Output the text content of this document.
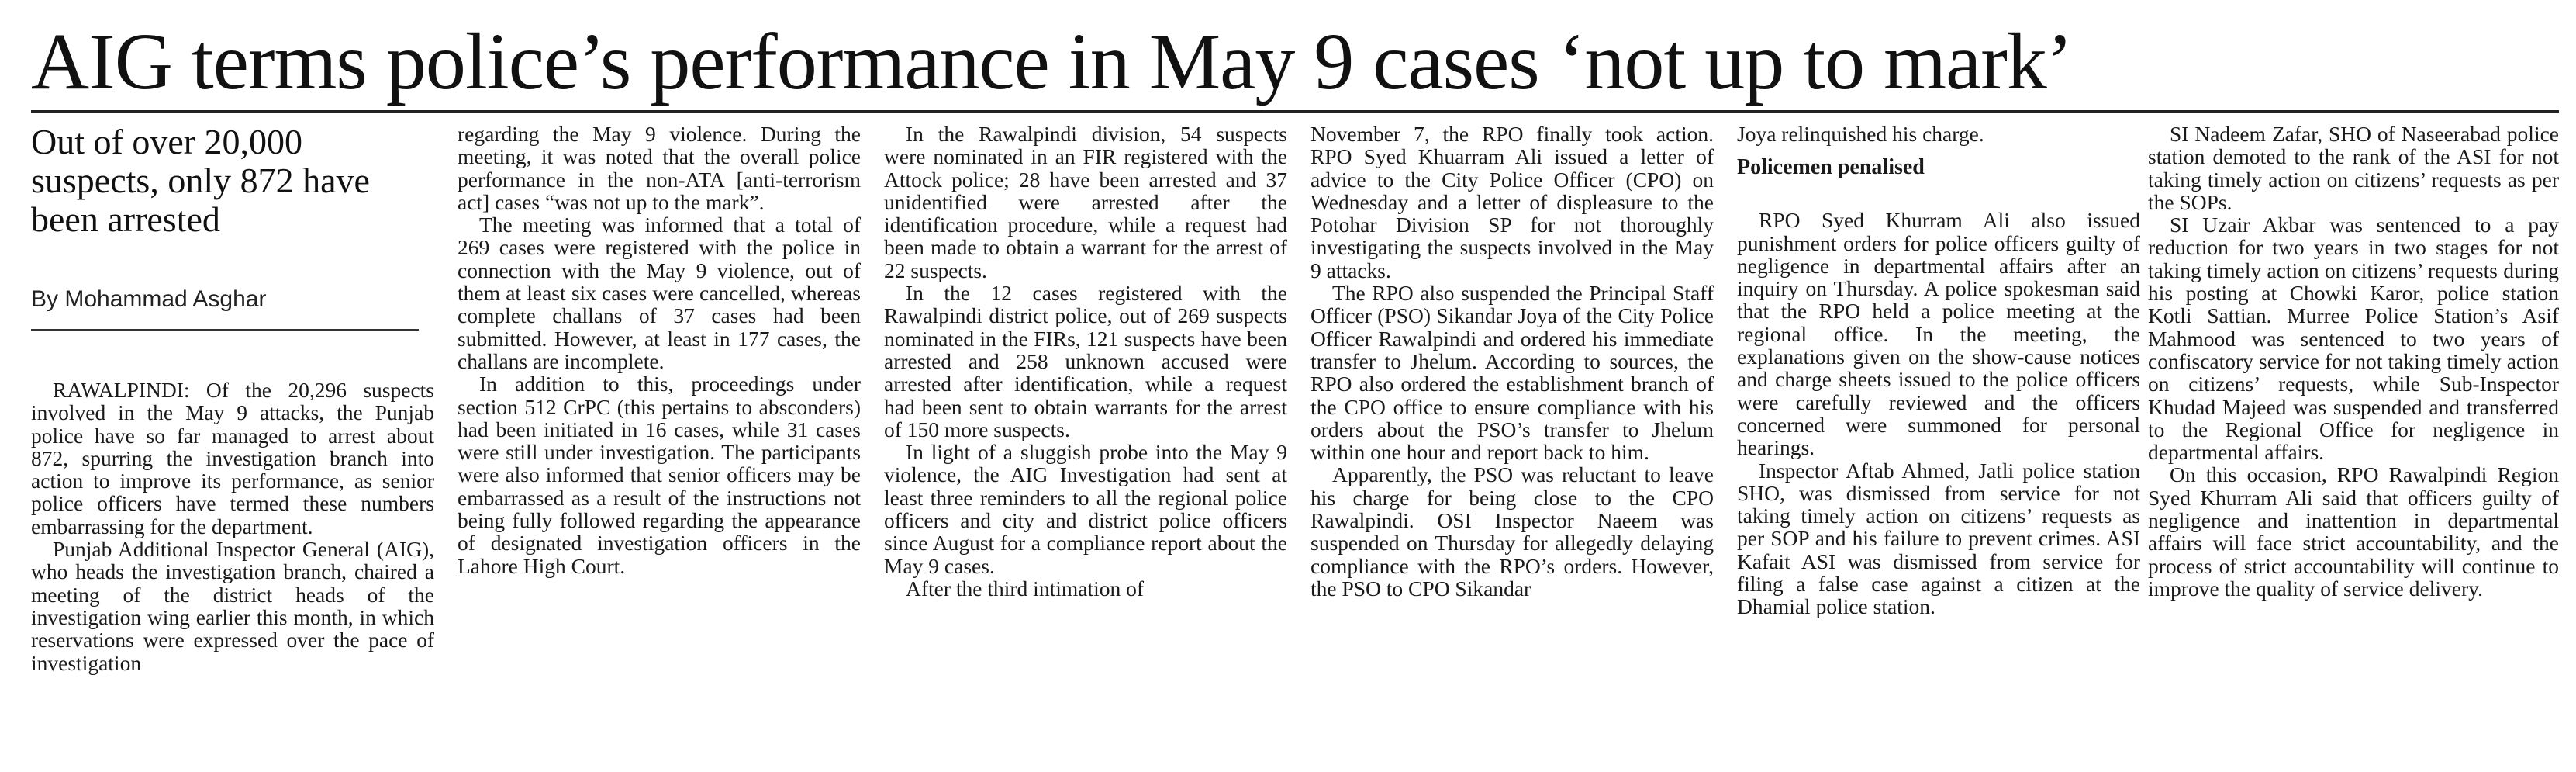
AIG terms police’s performance in May 9 cases ‘not up to mark’
Out of over 20,000 suspects, only 872 have been arrested
By Mohammad Asghar

RAWALPINDI: Of the 20,296 suspects involved in the May 9 attacks, the Punjab police have so far managed to arrest about 872, spurring the investigation branch into action to improve its performance, as senior police officers have termed these numbers embarrassing for the department.

Punjab Additional Inspector General (AIG), who heads the investigation branch, chaired a meeting of the district heads of the investigation wing earlier this month, in which reservations were expressed over the pace of investigation

regarding the May 9 violence. During the meeting, it was noted that the overall police performance in the non-ATA [anti-terrorism act] cases “was not up to the mark”.

The meeting was informed that a total of 269 cases were registered with the police in connection with the May 9 violence, out of them at least six cases were cancelled, whereas complete challans of 37 cases had been submitted. However, at least in 177 cases, the challans are incomplete.

In addition to this, proceedings under section 512 CrPC (this pertains to absconders) had been initiated in 16 cases, while 31 cases were still under investigation. The participants were also informed that senior officers may be embarrassed as a result of the instructions not being fully followed regarding the appearance of designated investigation officers in the Lahore High Court.

In the Rawalpindi division, 54 suspects were nominated in an FIR registered with the Attock police; 28 have been arrested and 37 unidentified were arrested after the identification procedure, while a request had been made to obtain a warrant for the arrest of 22 suspects.

In the 12 cases registered with the Rawalpindi district police, out of 269 suspects nominated in the FIRs, 121 suspects have been arrested and 258 unknown accused were arrested after identification, while a request had been sent to obtain warrants for the arrest of 150 more suspects.

In light of a sluggish probe into the May 9 violence, the AIG Investigation had sent at least three reminders to all the regional police officers and city and district police officers since August for a compliance report about the May 9 cases.

After the third intimation of

November 7, the RPO finally took action. RPO Syed Khuarram Ali issued a letter of advice to the City Police Officer (CPO) on Wednesday and a letter of displeasure to the Potohar Division SP for not thoroughly investigating the suspects involved in the May 9 attacks.

The RPO also suspended the Principal Staff Officer (PSO) Sikandar Joya of the City Police Officer Rawalpindi and ordered his immediate transfer to Jhelum. According to sources, the RPO also ordered the establishment branch of the CPO office to ensure compliance with his orders about the PSO’s transfer to Jhelum within one hour and report back to him.

Apparently, the PSO was reluctant to leave his charge for being close to the CPO Rawalpindi. OSI Inspector Naeem was suspended on Thursday for allegedly delaying compliance with the RPO’s orders. However, the PSO to CPO Sikandar

Joya relinquished his charge.

Policemen penalised

RPO Syed Khurram Ali also issued punishment orders for police officers guilty of negligence in departmental affairs after an inquiry on Thursday. A police spokesman said that the RPO held a police meeting at the regional office. In the meeting, the explanations given on the show-cause notices and charge sheets issued to the police officers were carefully reviewed and the officers concerned were summoned for personal hearings.

Inspector Aftab Ahmed, Jatli police station SHO, was dismissed from service for not taking timely action on citizens’ requests as per SOP and his failure to prevent crimes. ASI Kafait ASI was dismissed from service for filing a false case against a citizen at the Dhamial police station.

SI Nadeem Zafar, SHO of Naseerabad police station demoted to the rank of the ASI for not taking timely action on citizens’ requests as per the SOPs.

SI Uzair Akbar was sentenced to a pay reduction for two years in two stages for not taking timely action on citizens’ requests during his posting at Chowki Karor, police station Kotli Sattian. Murree Police Station’s Asif Mahmood was sentenced to two years of confiscatory service for not taking timely action on citizens’ requests, while Sub-Inspector Khudad Majeed was suspended and transferred to the Regional Office for negligence in departmental affairs.

On this occasion, RPO Rawalpindi Region Syed Khurram Ali said that officers guilty of negligence and inattention in departmental affairs will face strict accountability, and the process of strict accountability will continue to improve the quality of service delivery.
